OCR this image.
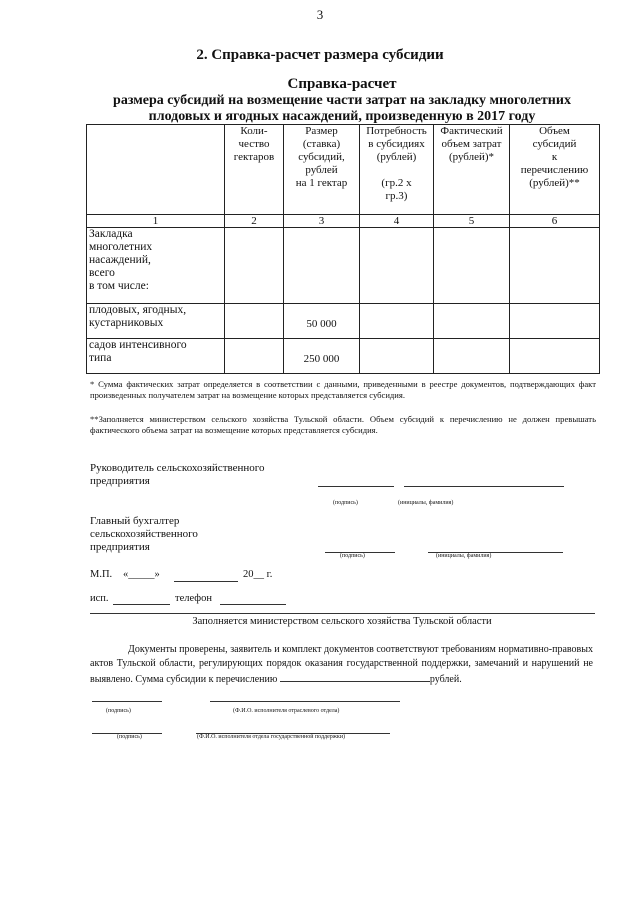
3
2. Справка-расчет размера субсидии
Справка-расчет
размера субсидий на возмещение части затрат на закладку многолетних
плодовых и ягодных насаждений, произведенную в 2017 году
	Коли-
чество
гектаров	Размер
(ставка)
субсидий,
рублей
на 1 гектар	Потребность
в субсидиях
(рублей)

(гр.2 х
гр.3)	Фактический
объем затрат
(рублей)*	Объем
субсидий
к
перечислению
(рублей)**
1	2	3	4	5	6
Закладка
многолетних
насаждений,
всего
в том числе:					
плодовых, ягодных,
кустарниковых		50 000			
садов интенсивного
типа		250 000			
* Сумма фактических затрат определяется в соответствии с данными, приведенными в реестре документов, подтверждающих факт произведенных получателем затрат на возмещение которых представляется субсидия.
**Заполняется министерством сельского хозяйства Тульской области. Объем субсидий к перечислению не должен превышать фактического объема затрат на возмещение которых представляется субсидия.
Руководитель сельскохозяйственного
предприятия
(подпись)	(инициалы, фамилия)
Главный бухгалтер
сельскохозяйственного
предприятия
(подпись)	(инициалы, фамилия)
М.П. «_____»	20__ г.
исп.	телефон
Заполняется министерством сельского хозяйства Тульской области
Документы проверены, заявитель и комплект документов соответствуют требованиям нормативно-правовых актов Тульской области, регулирующих порядок оказания государственной поддержки, замечаний и нарушений не выявлено. Сумма субсидии к перечислению	рублей.
(подпись)	(Ф.И.О. исполнителя отраслевого отдела)
(подпись)	(Ф.И.О. исполнителя отдела государственной поддержки)
